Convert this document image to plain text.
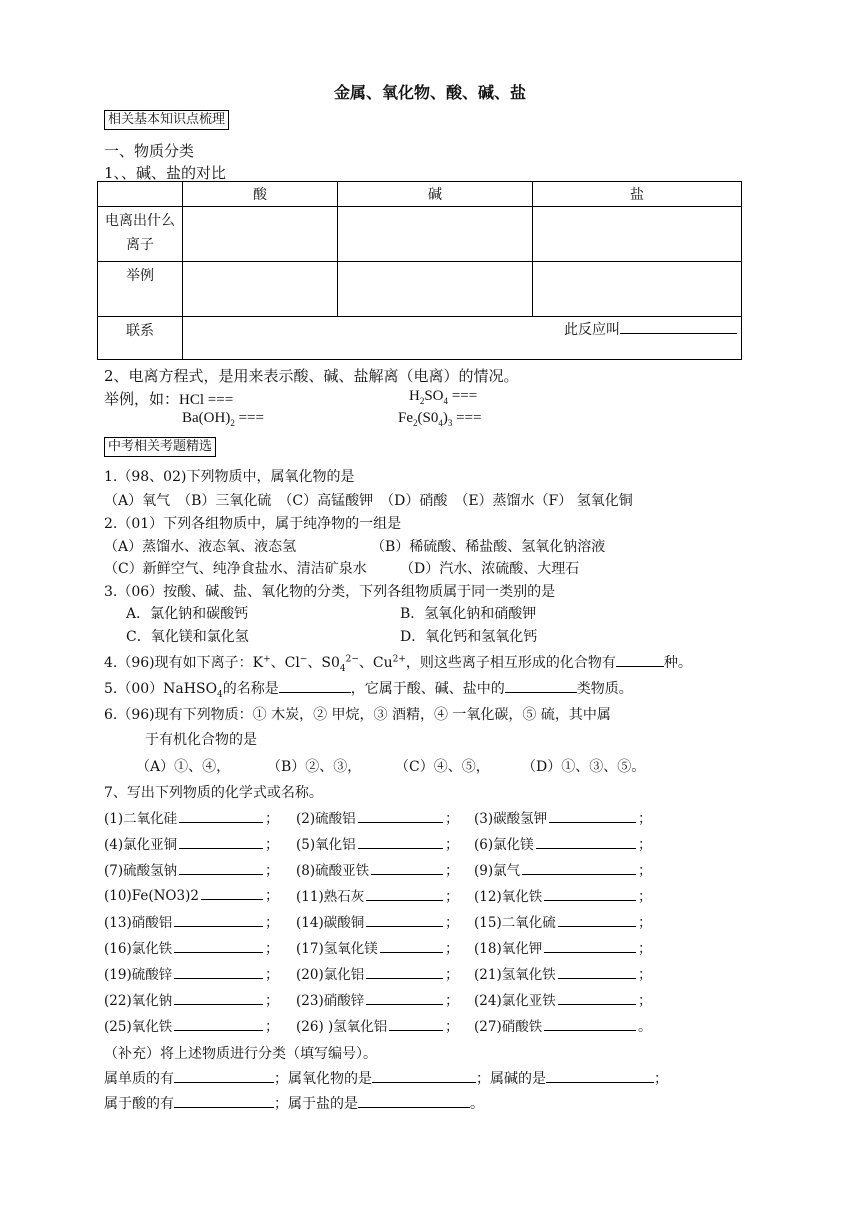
金属、氧化物、酸、碱、盐
相关基本知识点梳理
一、物质分类
1、、碱、盐的对比
	酸	碱	盐
电离出什么离子			
举例			
联系	此反应叫		
2、电离方程式，是用来表示酸、碱、盐解离（电离）的情况。
举例，如：HCl ===	$H_2SO_4$ ===
$Ba(OH)_2$ ===	$Fe_2(S0_4)_3$ ===
中考相关考题精选
1.（98、02)下列物质中，属氧化物的是
（A）氧气　（B）三氧化硫　（C）高锰酸钾　（D）硝酸　（E）蒸馏水（F） 氢氧化铜
2.（01）下列各组物质中，属于纯净物的一组是
（A）蒸馏水、液态氧、液态氢	（B）稀硫酸、稀盐酸、氢氧化钠溶液
（C）新鲜空气、纯净食盐水、清洁矿泉水 （D）汽水、浓硫酸、大理石
3.（06）按酸、碱、盐、氧化物的分类，下列各组物质属于同一类别的是
A．氯化钠和碳酸钙	B．氢氧化钠和硝酸钾
C．氧化镁和氯化氢	D．氧化钙和氢氧化钙
4.（96)现有如下离子：K+、Cl−、$S0_4^{2-}$、$Cu^{2+}$，则这些离子相互形成的化合物有	种。
5.（00）NaHSO$_4$的名称是	，它属于酸、碱、盐中的	类物质。
6.（96)现有下列物质：① 木炭，② 甲烷，③ 酒精，④ 一氧化碳，⑤ 硫，其中属
于有机化合物的是
（A）①、④，	（B）②、③， （C）④、⑤， （D）①、③、⑤。
7、写出下列物质的化学式或名称。
(1)二氧化硅	； (2)硫酸铝	； (3)碳酸氢钾	；
(4)氯化亚铜	； (5)氧化铝	； (6)氯化镁	；
(7)硫酸氢钠	； (8)硫酸亚铁	； (9)氯气	；
(10)Fe(NO3)2	； (11)熟石灰	； (12)氧化铁	；
(13)硝酸铝	； (14)碳酸铜	； (15)二氧化硫	；
(16)氯化铁	； (17)氢氧化镁	； (18)氧化钾	；
(19)硫酸锌	； (20)氯化铝	； (21)氢氧化铁	；
(22)氧化钠	； (23)硝酸锌	； (24)氯化亚铁	；
(25)氧化铁	； (26) )氢氧化铝	； (27)硝酸铁	。
（补充）将上述物质进行分类（填写编号）。
属单质的有	；属氧化物的是	；属碱的是	；
属于酸的有	；属于盐的是	。
